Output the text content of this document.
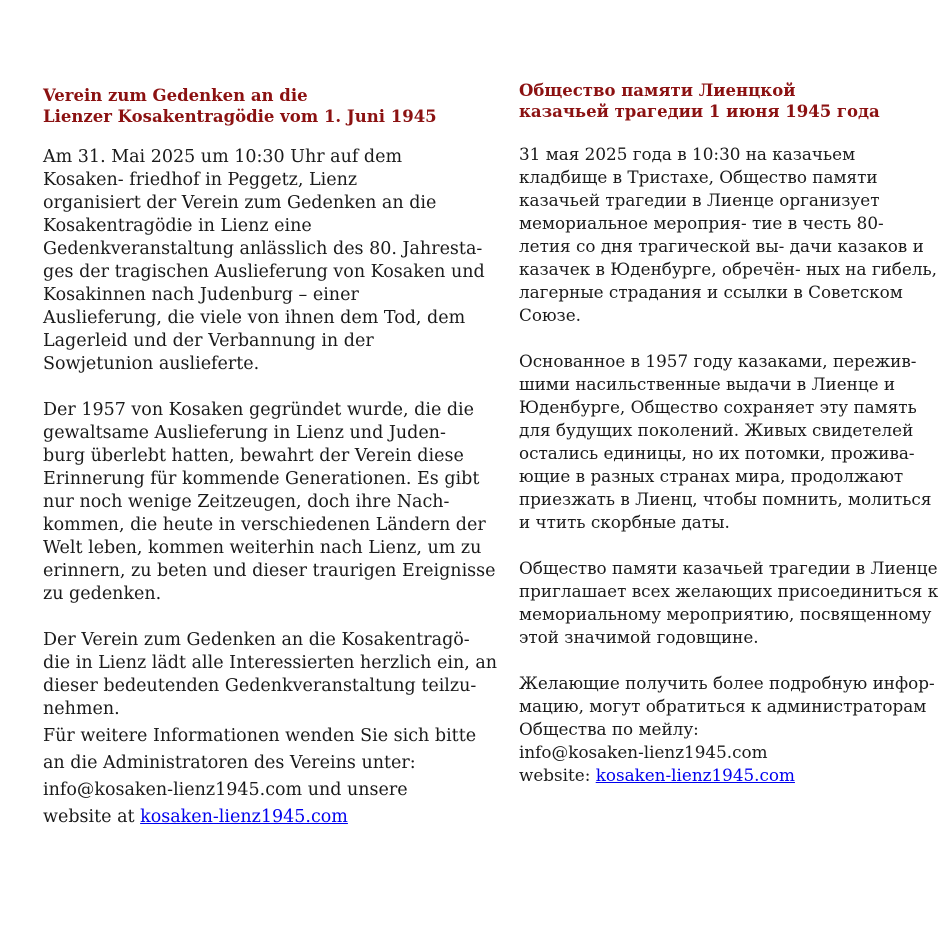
Verein zum Gedenken an die
Lienzer Kosakentragödie vom 1. Juni 1945

Am 31. Mai 2025 um 10:30 Uhr auf dem
Kosaken- friedhof in Peggetz, Lienz
organisiert der Verein zum Gedenken an die
Kosakentragödie in Lienz eine
Gedenkveranstaltung anlässlich des 80. Jahresta-
ges der tragischen Auslieferung von Kosaken und
Kosakinnen nach Judenburg – einer
Auslieferung, die viele von ihnen dem Tod, dem
Lagerleid und der Verbannung in der
Sowjetunion auslieferte.

Der 1957 von Kosaken gegründet wurde, die die
gewaltsame Auslieferung in Lienz und Juden-
burg überlebt hatten, bewahrt der Verein diese
Erinnerung für kommende Generationen. Es gibt
nur noch wenige Zeitzeugen, doch ihre Nach-
kommen, die heute in verschiedenen Ländern der
Welt leben, kommen weiterhin nach Lienz, um zu
erinnern, zu beten und dieser traurigen Ereignisse
zu gedenken.

Der Verein zum Gedenken an die Kosakentragö-
die in Lienz lädt alle Interessierten herzlich ein, an
dieser bedeutenden Gedenkveranstaltung teilzu-
nehmen.

Für weitere Informationen wenden Sie sich bitte
an die Administratoren des Vereins unter:
info@kosaken-lienz1945.com und unsere
website at kosaken-lienz1945.com

Общество памяти Лиенцкой
казачьей трагедии 1 июня 1945 года

31 мая 2025 года в 10:30 на казачьем
кладбище в Тристахе, Общество памяти
казачьей трагедии в Лиенце организует
мемориальное мероприя- тие в честь 80-
летия со дня трагической вы- дачи казаков и
казачек в Юденбурге, обречён- ных на гибель,
лагерные страдания и ссылки в Советском
Союзе.

Основанное в 1957 году казаками, пережив-
шими насильственные выдачи в Лиенце и
Юденбурге, Общество сохраняет эту память
для будущих поколений. Живых свидетелей
остались единицы, но их потомки, прожива-
ющие в разных странах мира, продолжают
приезжать в Лиенц, чтобы помнить, молиться
и чтить скорбные даты.

Общество памяти казачьей трагедии в Лиенце
приглашает всех желающих присоединиться к
мемориальному мероприятию, посвященному
этой значимой годовщине.

Желающие получить более подробную инфор-
мацию, могут обратиться к администраторам
Общества по мейлу:
info@kosaken-lienz1945.com
website: kosaken-lienz1945.com
